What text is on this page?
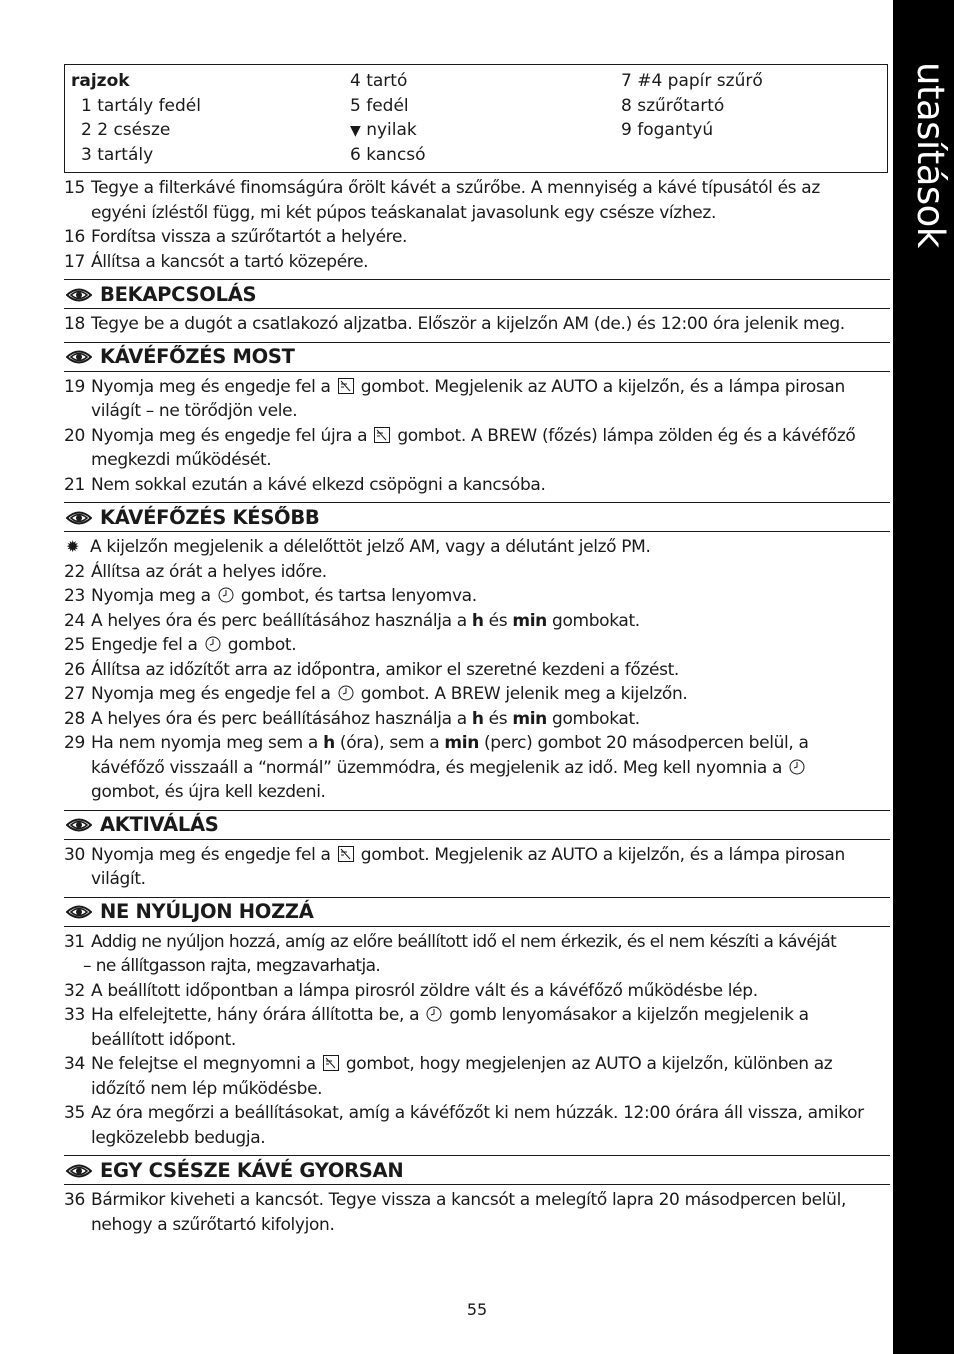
utasítások
rajzok
1 tartály fedél
2 2 csésze
3 tartály
4 tartó
5 fedél
▼ nyilak
6 kancsó
7 #4 papír szűrő
8 szűrőtartó
9 fogantyú
15 Tegye a filterkávé finomságúra őrölt kávét a szűrőbe. A mennyiség a kávé típusától és az
egyéni ízléstől függ, mi két púpos teáskanalat javasolunk egy csésze vízhez.
16 Fordítsa vissza a szűrőtartót a helyére.
17 Állítsa a kancsót a tartó közepére.
BEKAPCSOLÁS
18 Tegye be a dugót a csatlakozó aljzatba. Először a kijelzőn AM (de.) és 12:00 óra jelenik meg.
KÁVÉFŐZÉS MOST
19 Nyomja meg és engedje fel a gombot. Megjelenik az AUTO a kijelzőn, és a lámpa pirosan
világít – ne törődjön vele.
20 Nyomja meg és engedje fel újra a gombot. A BREW (főzés) lámpa zölden ég és a kávéfőző
megkezdi működését.
21 Nem sokkal ezután a kávé elkezd csöpögni a kancsóba.
KÁVÉFŐZÉS KÉSŐBB
✹ A kijelzőn megjelenik a délelőttöt jelző AM, vagy a délutánt jelző PM.
22 Állítsa az órát a helyes időre.
23 Nyomja meg a gombot, és tartsa lenyomva.
24 A helyes óra és perc beállításához használja a h és min gombokat.
25 Engedje fel a gombot.
26 Állítsa az időzítőt arra az időpontra, amikor el szeretné kezdeni a főzést.
27 Nyomja meg és engedje fel a gombot. A BREW jelenik meg a kijelzőn.
28 A helyes óra és perc beállításához használja a h és min gombokat.
29 Ha nem nyomja meg sem a h (óra), sem a min (perc) gombot 20 másodpercen belül, a
kávéfőző visszaáll a “normál” üzemmódra, és megjelenik az idő. Meg kell nyomnia a

gombot, és újra kell kezdeni.
AKTIVÁLÁS
30 Nyomja meg és engedje fel a gombot. Megjelenik az AUTO a kijelzőn, és a lámpa pirosan
világít.
NE NYÚLJON HOZZÁ
31 Addig ne nyúljon hozzá, amíg az előre beállított idő el nem érkezik, és el nem készíti a kávéját
– ne állítgasson rajta, megzavarhatja.
32 A beállított időpontban a lámpa pirosról zöldre vált és a kávéfőző működésbe lép.
33 Ha elfelejtette, hány órára állította be, a gomb lenyomásakor a kijelzőn megjelenik a
beállított időpont.
34 Ne felejtse el megnyomni a gombot, hogy megjelenjen az AUTO a kijelzőn, különben az
időzítő nem lép működésbe.
35 Az óra megőrzi a beállításokat, amíg a kávéfőzőt ki nem húzzák. 12:00 órára áll vissza, amikor
legközelebb bedugja.
EGY CSÉSZE KÁVÉ GYORSAN
36 Bármikor kiveheti a kancsót. Tegye vissza a kancsót a melegítő lapra 20 másodpercen belül,
nehogy a szűrőtartó kifolyjon.
55
